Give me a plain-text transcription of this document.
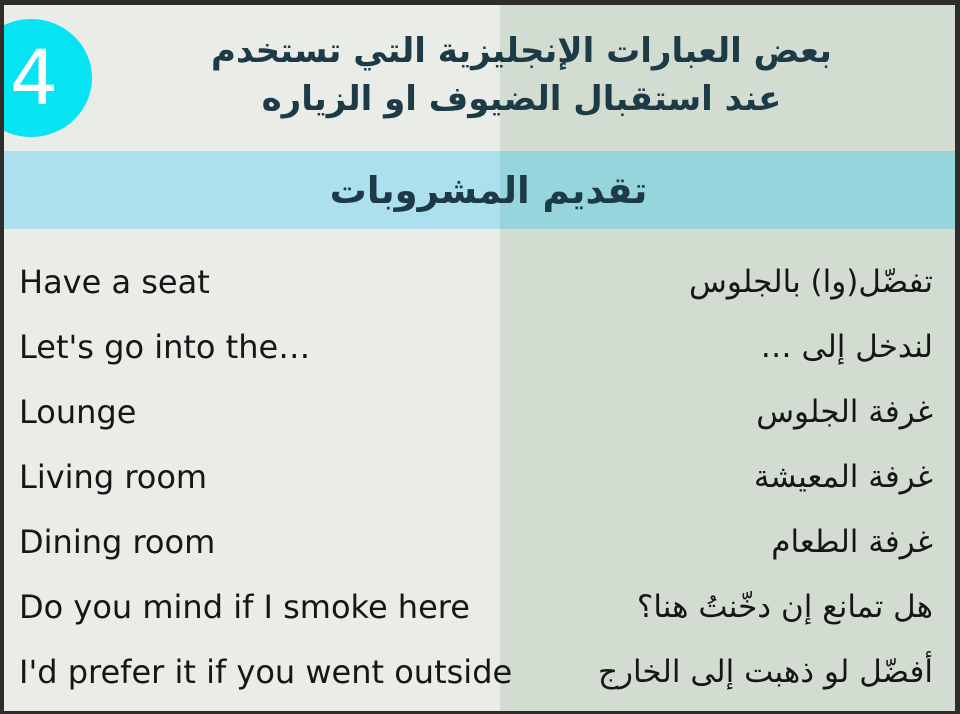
4	بعض العبارات الإنجليزية التي تستخدم
عند استقبال الضيوف او الزياره
تقديم المشروبات
Have a seat	تفضّل(وا) بالجلوس
Let's go into the…	لندخل إلى …
Lounge	غرفة الجلوس
Living room	غرفة المعيشة
Dining room	غرفة الطعام
Do you mind if I smoke here	هل تمانع إن دخّنتُ هنا؟
I'd prefer it if you went outside	أفضّل لو ذهبت إلى الخارج
